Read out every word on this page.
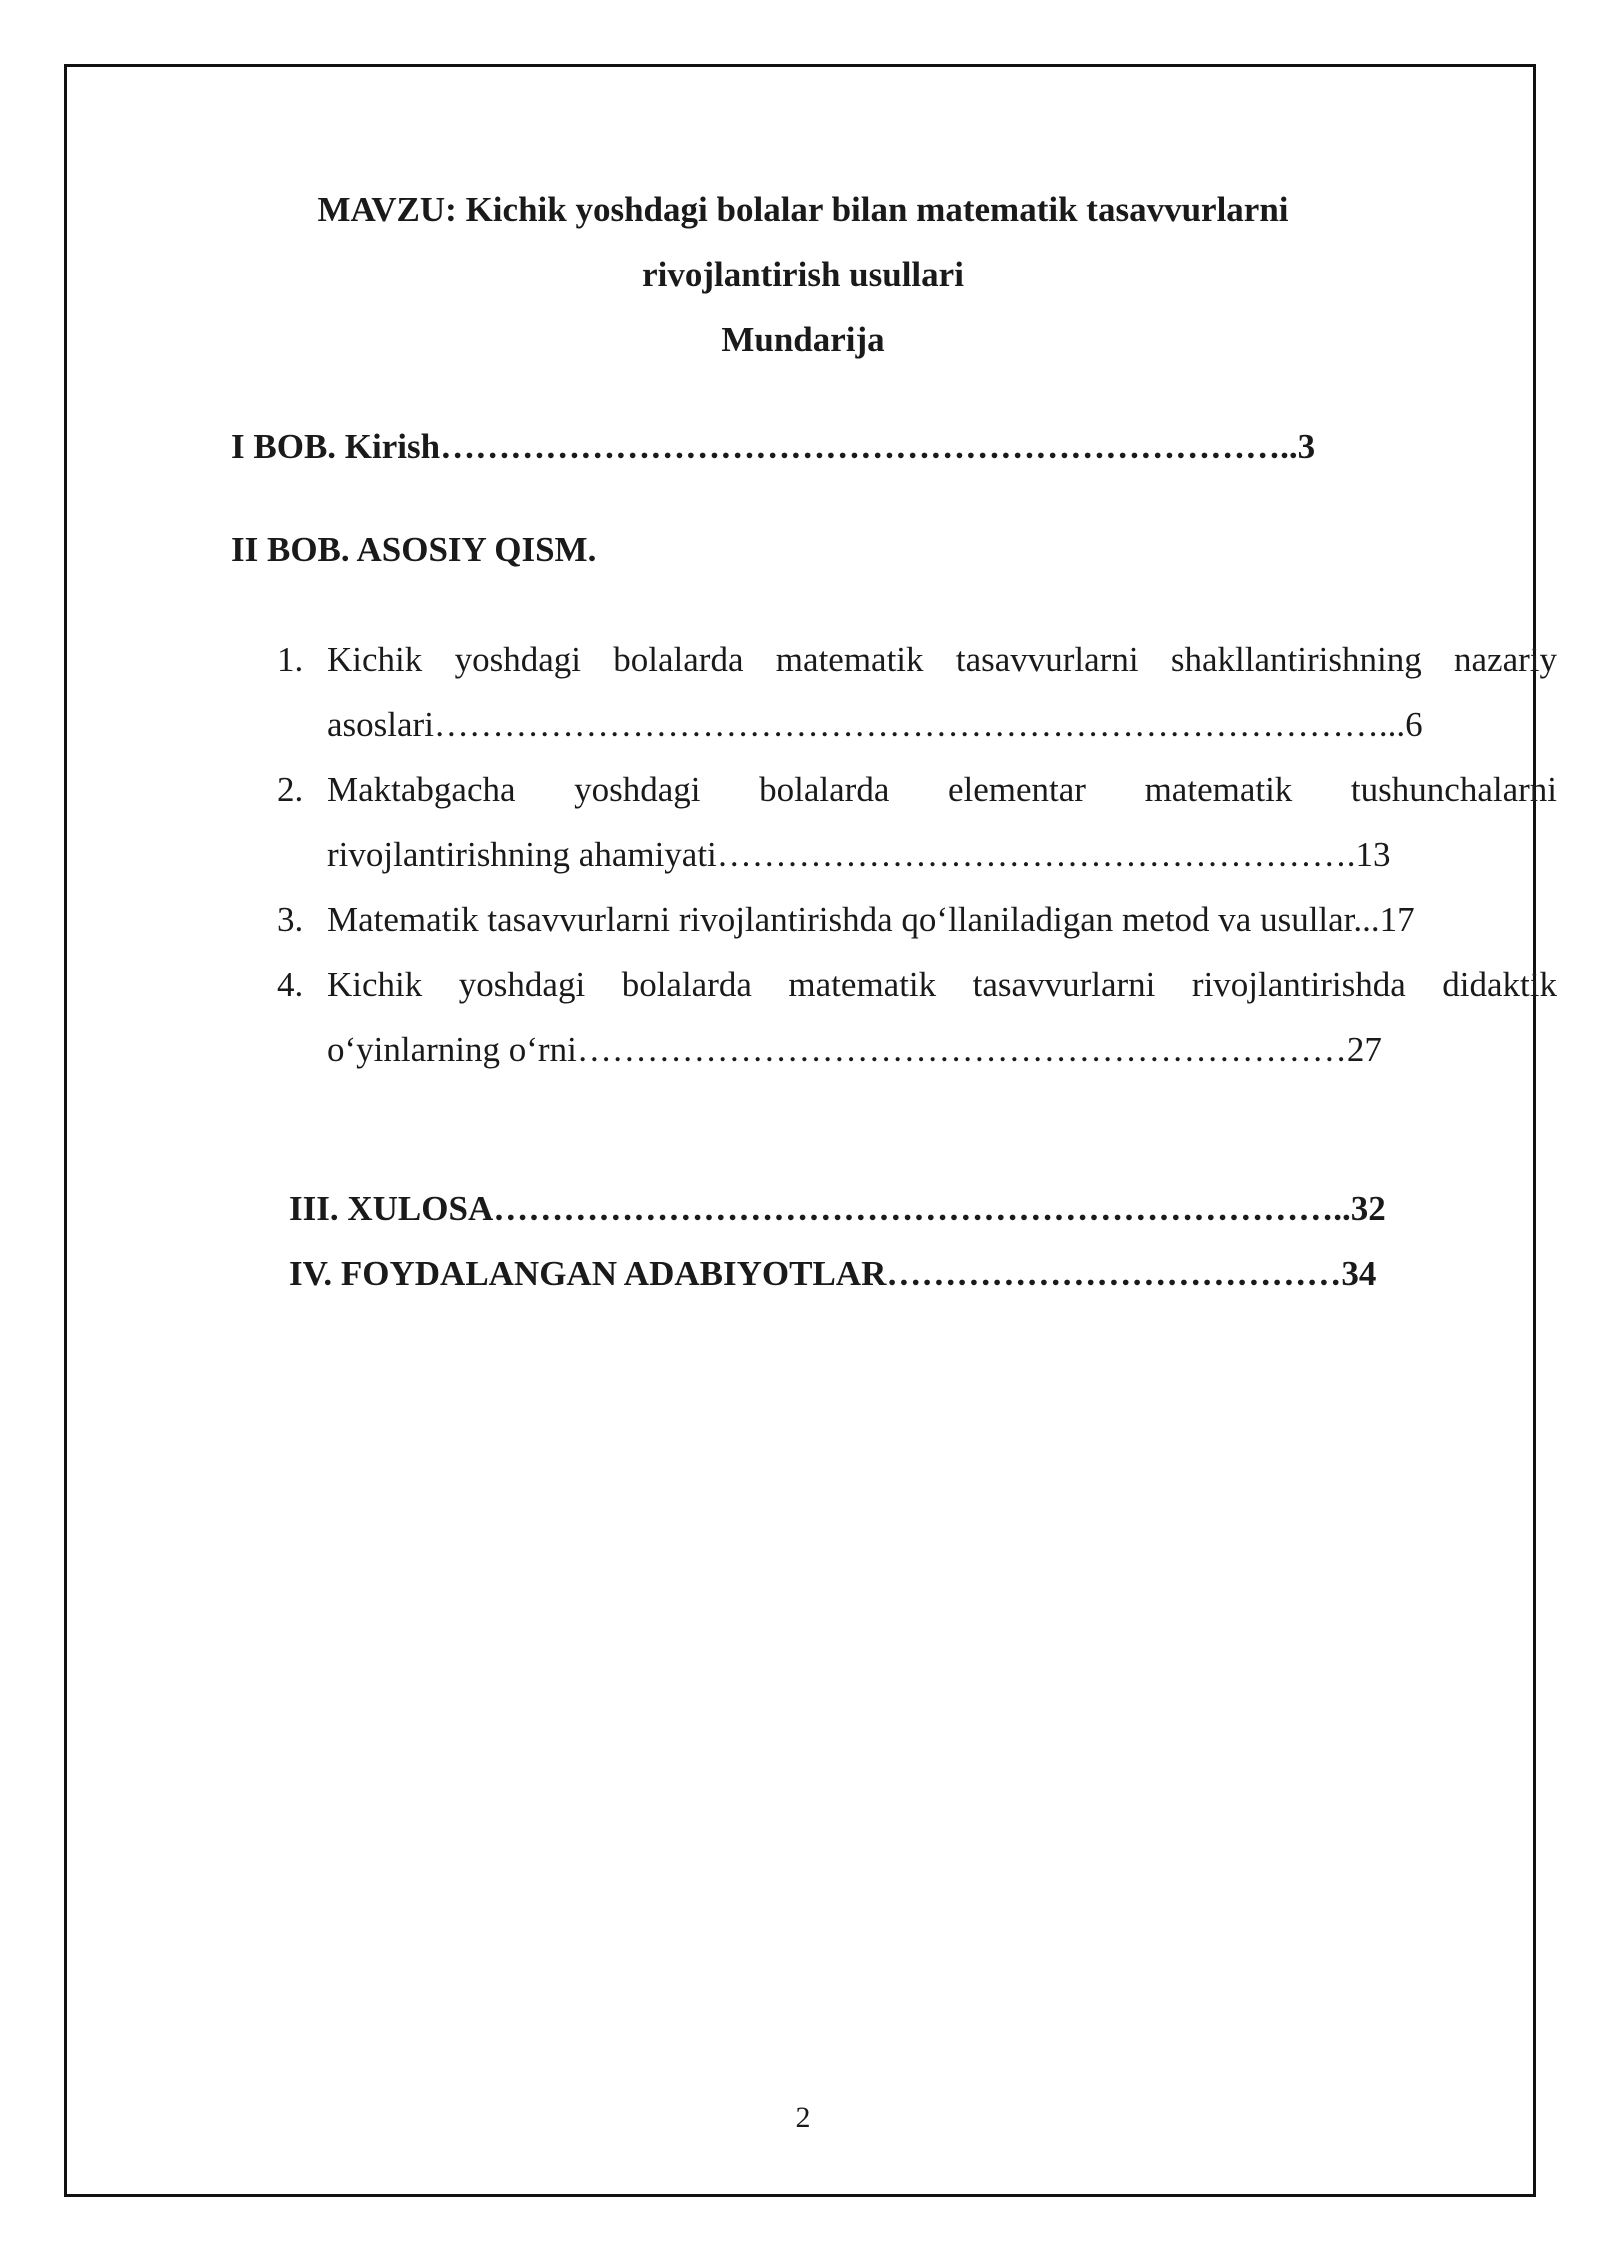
MAVZU: Kichik yoshdagi bolalar bilan matematik tasavvurlarni
rivojlantirish usullari
Mundarija
I BOB. Kirish………………………………………………………………..3
II BOB. ASOSIY QISM.
1. Kichik yoshdagi bolalarda matematik tasavvurlarni shakllantirishning nazariy asoslari………………………………………………………………………...6
2. Maktabgacha yoshdagi bolalarda elementar matematik tushunchalarni rivojlantirishning ahamiyati……………………………………………….13
3. Matematik tasavvurlarni rivojlantirishda qo‘llaniladigan metod va usullar...17
4. Kichik yoshdagi bolalarda matematik tasavvurlarni rivojlantirishda didaktik o‘yinlarning o‘rni…………………………………………………………27
III. XULOSA………………………………………………………………..32
IV. FOYDALANGAN ADABIYOTLAR…………………………………34
2
